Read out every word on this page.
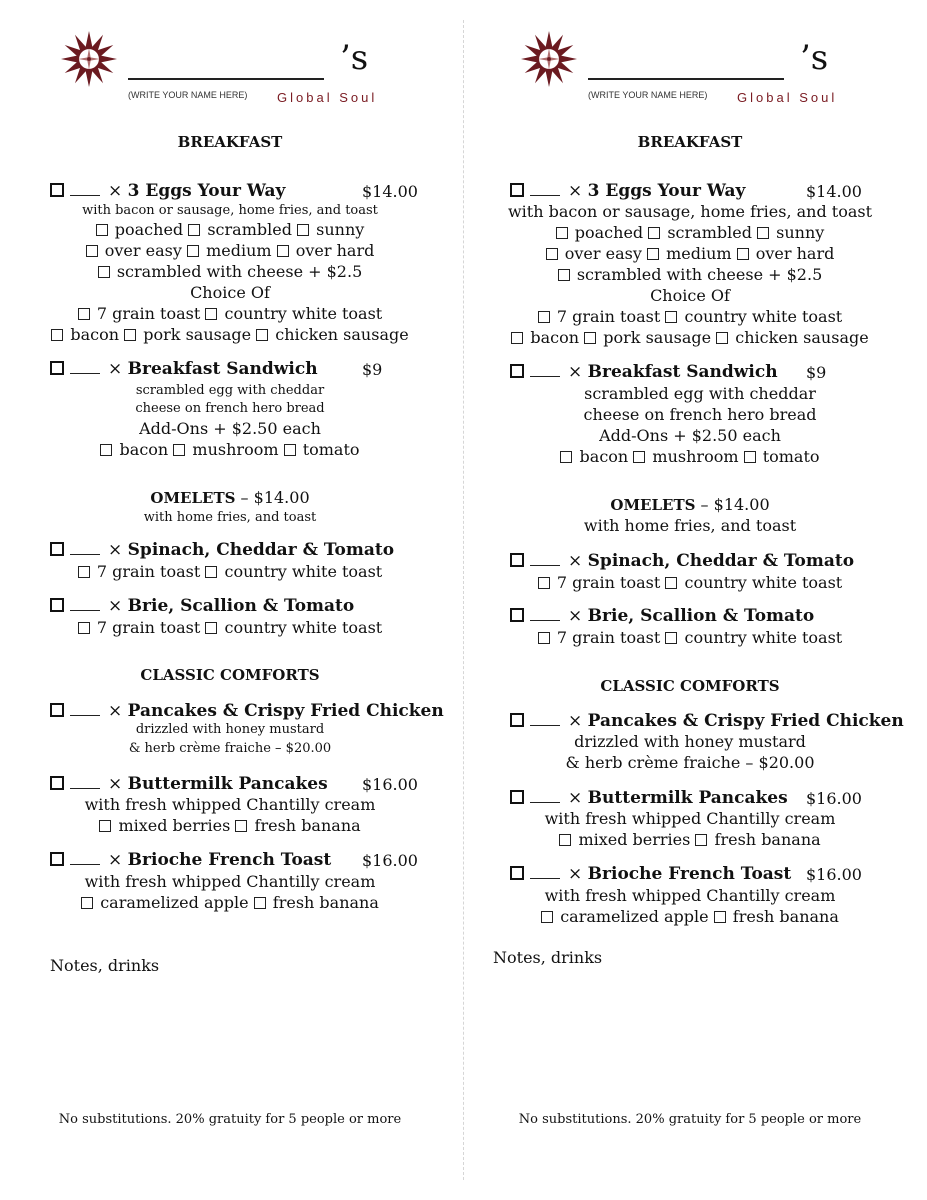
’s
(WRITE YOUR NAME HERE) Global Soul
BREAKFAST
× 3 Eggs Your Way	$14.00
with bacon or sausage, home fries, and toast
poached scrambled sunny
over easy medium over hard
scrambled with cheese + $2.5
Choice Of
7 grain toast country white toast
bacon pork sausage chicken sausage
× Breakfast Sandwich	$9
scrambled egg with cheddar
cheese on french hero bread
Add-Ons + $2.50 each
bacon mushroom tomato
OMELETS – $14.00
with home fries, and toast
× Spinach, Cheddar & Tomato
7 grain toast country white toast
× Brie, Scallion & Tomato
7 grain toast country white toast
CLASSIC COMFORTS
× Pancakes & Crispy Fried Chicken
drizzled with honey mustard
& herb crème fraiche – $20.00
× Buttermilk Pancakes $16.00
with fresh whipped Chantilly cream
mixed berries fresh banana
× Brioche French Toast $16.00
with fresh whipped Chantilly cream
caramelized apple fresh banana
Notes, drinks
No substitutions. 20% gratuity for 5 people or more
’s
(WRITE YOUR NAME HERE) Global Soul
BREAKFAST
× 3 Eggs Your Way	$14.00
with bacon or sausage, home fries, and toast
poached scrambled sunny
over easy medium over hard
scrambled with cheese + $2.5
Choice Of
7 grain toast country white toast
bacon pork sausage chicken sausage
× Breakfast Sandwich $9
scrambled egg with cheddar
cheese on french hero bread
Add-Ons + $2.50 each
bacon mushroom tomato
OMELETS – $14.00
with home fries, and toast
× Spinach, Cheddar & Tomato
7 grain toast country white toast
× Brie, Scallion & Tomato
7 grain toast country white toast
CLASSIC COMFORTS
× Pancakes & Crispy Fried Chicken
drizzled with honey mustard
& herb crème fraiche – $20.00
× Buttermilk Pancakes $16.00
with fresh whipped Chantilly cream
mixed berries fresh banana
× Brioche French Toast $16.00
with fresh whipped Chantilly cream
caramelized apple fresh banana
Notes, drinks
No substitutions. 20% gratuity for 5 people or more
